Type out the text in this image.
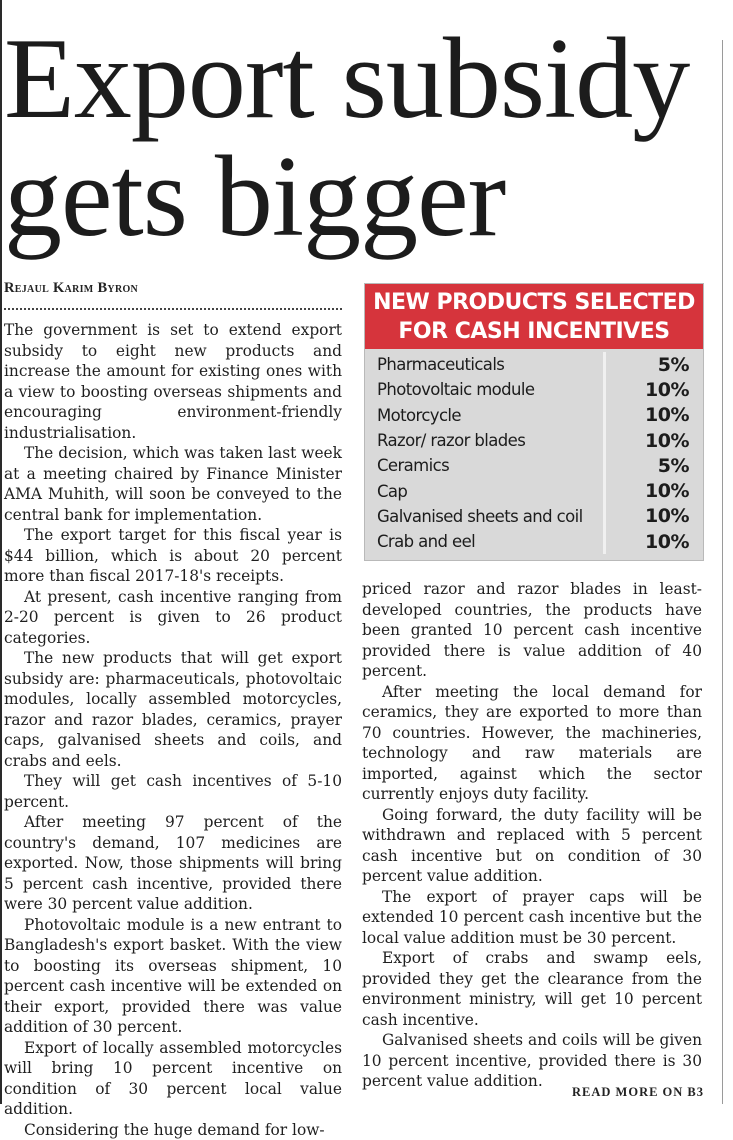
Export subsidy
gets bigger
Rejaul Karim Byron

The government is set to extend export subsidy to eight new products and increase the amount for existing ones with a view to boosting overseas shipments and encouraging environment-friendly industrialisation.

The decision, which was taken last week at a meeting chaired by Finance Minister AMA Muhith, will soon be conveyed to the central bank for implementation.

The export target for this fiscal year is $44 billion, which is about 20 percent more than fiscal 2017-18's receipts.

At present, cash incentive ranging from 2-20 percent is given to 26 product categories.

The new products that will get export subsidy are: pharmaceuticals, photovoltaic modules, locally assembled motorcycles, razor and razor blades, ceramics, prayer caps, galvanised sheets and coils, and crabs and eels.

They will get cash incentives of 5-10 percent.

After meeting 97 percent of the country's demand, 107 medicines are exported. Now, those shipments will bring 5 percent cash incentive, provided there were 30 percent value addition.

Photovoltaic module is a new entrant to Bangladesh's export basket. With the view to boosting its overseas shipment, 10 percent cash incentive will be extended on their export, provided there was value addition of 30 percent.

Export of locally assembled motorcycles will bring 10 percent incentive on condition of 30 percent local value addition.

Considering the huge demand for low-

NEW PRODUCTS SELECTED
FOR CASH INCENTIVES
Pharmaceuticals	5%
Photovoltaic module	10%
Motorcycle	10%
Razor/ razor blades	10%
Ceramics	5%
Cap	10%
Galvanised sheets and coil	10%
Crab and eel	10%

priced razor and razor blades in least-developed countries, the products have been granted 10 percent cash incentive provided there is value addition of 40 percent.

After meeting the local demand for ceramics, they are exported to more than 70 countries. However, the machineries, technology and raw materials are imported, against which the sector currently enjoys duty facility.

Going forward, the duty facility will be withdrawn and replaced with 5 percent cash incentive but on condition of 30 percent value addition.

The export of prayer caps will be extended 10 percent cash incentive but the local value addition must be 30 percent.

Export of crabs and swamp eels, provided they get the clearance from the environment ministry, will get 10 percent cash incentive.

Galvanised sheets and coils will be given 10 percent incentive, provided there is 30 percent value addition.

READ MORE ON B3
